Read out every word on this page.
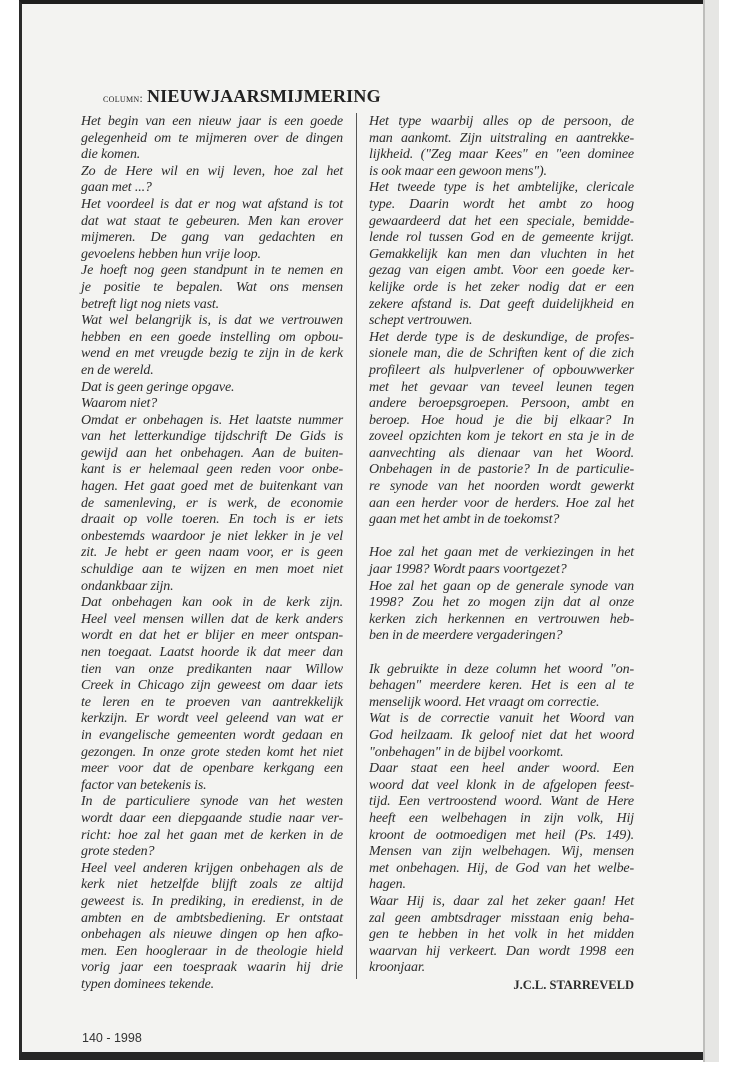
column: NIEUWJAARSMIJMERING
Het begin van een nieuw jaar is een goede
gelegenheid om te mijmeren over de dingen
die komen.
Zo de Here wil en wij leven, hoe zal het
gaan met ...?
Het voordeel is dat er nog wat afstand is tot
dat wat staat te gebeuren. Men kan erover
mijmeren. De gang van gedachten en
gevoelens hebben hun vrije loop.
Je hoeft nog geen standpunt in te nemen en
je positie te bepalen. Wat ons mensen
betreft ligt nog niets vast.
Wat wel belangrijk is, is dat we vertrouwen
hebben en een goede instelling om opbou-
wend en met vreugde bezig te zijn in de kerk
en de wereld.
Dat is geen geringe opgave.
Waarom niet?
Omdat er onbehagen is. Het laatste nummer
van het letterkundige tijdschrift De Gids is
gewijd aan het onbehagen. Aan de buiten-
kant is er helemaal geen reden voor onbe-
hagen. Het gaat goed met de buitenkant van
de samenleving, er is werk, de economie
draait op volle toeren. En toch is er iets
onbestemds waardoor je niet lekker in je vel
zit. Je hebt er geen naam voor, er is geen
schuldige aan te wijzen en men moet niet
ondankbaar zijn.
Dat onbehagen kan ook in de kerk zijn.
Heel veel mensen willen dat de kerk anders
wordt en dat het er blijer en meer ontspan-
nen toegaat. Laatst hoorde ik dat meer dan
tien van onze predikanten naar Willow
Creek in Chicago zijn geweest om daar iets
te leren en te proeven van aantrekkelijk
kerkzijn. Er wordt veel geleend van wat er
in evangelische gemeenten wordt gedaan en
gezongen. In onze grote steden komt het niet
meer voor dat de openbare kerkgang een
factor van betekenis is.
In de particuliere synode van het westen
wordt daar een diepgaande studie naar ver-
richt: hoe zal het gaan met de kerken in de
grote steden?
Heel veel anderen krijgen onbehagen als de
kerk niet hetzelfde blijft zoals ze altijd
geweest is. In prediking, in eredienst, in de
ambten en de ambtsbediening. Er ontstaat
onbehagen als nieuwe dingen op hen afko-
men. Een hoogleraar in de theologie hield
vorig jaar een toespraak waarin hij drie
typen dominees tekende.
Het type waarbij alles op de persoon, de
man aankomt. Zijn uitstraling en aantrekke-
lijkheid. ("Zeg maar Kees" en "een dominee
is ook maar een gewoon mens").
Het tweede type is het ambtelijke, clericale
type. Daarin wordt het ambt zo hoog
gewaardeerd dat het een speciale, bemidde-
lende rol tussen God en de gemeente krijgt.
Gemakkelijk kan men dan vluchten in het
gezag van eigen ambt. Voor een goede ker-
kelijke orde is het zeker nodig dat er een
zekere afstand is. Dat geeft duidelijkheid en
schept vertrouwen.
Het derde type is de deskundige, de profes-
sionele man, die de Schriften kent of die zich
profileert als hulpverlener of opbouwwerker
met het gevaar van teveel leunen tegen
andere beroepsgroepen. Persoon, ambt en
beroep. Hoe houd je die bij elkaar? In
zoveel opzichten kom je tekort en sta je in de
aanvechting als dienaar van het Woord.
Onbehagen in de pastorie? In de particulie-
re synode van het noorden wordt gewerkt
aan een herder voor de herders. Hoe zal het
gaan met het ambt in de toekomst?
Hoe zal het gaan met de verkiezingen in het
jaar 1998? Wordt paars voortgezet?
Hoe zal het gaan op de generale synode van
1998? Zou het zo mogen zijn dat al onze
kerken zich herkennen en vertrouwen heb-
ben in de meerdere vergaderingen?
Ik gebruikte in deze column het woord "on-
behagen" meerdere keren. Het is een al te
menselijk woord. Het vraagt om correctie.
Wat is de correctie vanuit het Woord van
God heilzaam. Ik geloof niet dat het woord
"onbehagen" in de bijbel voorkomt.
Daar staat een heel ander woord. Een
woord dat veel klonk in de afgelopen feest-
tijd. Een vertroostend woord. Want de Here
heeft een welbehagen in zijn volk, Hij
kroont de ootmoedigen met heil (Ps. 149).
Mensen van zijn welbehagen. Wij, mensen
met onbehagen. Hij, de God van het welbe-
hagen.
Waar Hij is, daar zal het zeker gaan! Het
zal geen ambtsdrager misstaan enig beha-
gen te hebben in het volk in het midden
waarvan hij verkeert. Dan wordt 1998 een
kroonjaar.
J.C.L. STARREVELD
140 - 1998
